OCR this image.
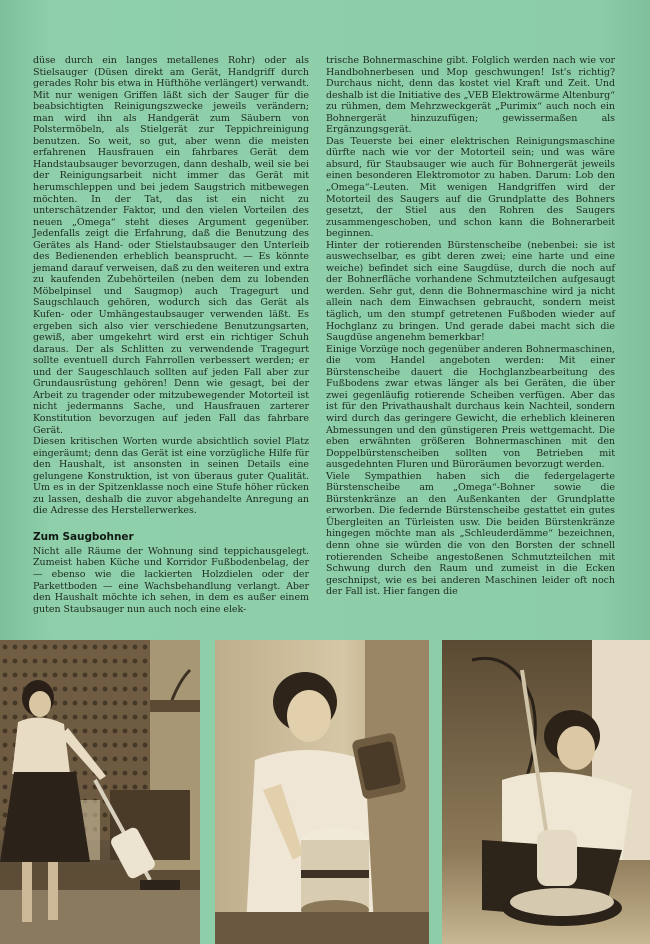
düse durch ein langes metallenes Rohr) oder als Stielsauger (Düsen direkt am Gerät, Handgriff durch gerades Rohr bis etwa in Hüfthöhe verlängert) verwandt. Mit nur wenigen Griffen läßt sich der Sauger für die beabsichtigten Reinigungszwecke jeweils verändern; man wird ihn als Handgerät zum Säubern von Polstermöbeln, als Stielgerät zur Teppichreinigung benutzen. So weit, so gut, aber wenn die meisten erfahrenen Hausfrauen ein fahrbares Gerät dem Handstaubsauger bevorzugen, dann deshalb, weil sie bei der Reinigungsarbeit nicht immer das Gerät mit herumschleppen und bei jedem Saugstrich mitbewegen möchten. In der Tat, das ist ein nicht zu unterschätzender Faktor, und den vielen Vorteilen des neuen „Omega“ steht dieses Argument gegenüber. Jedenfalls zeigt die Erfahrung, daß die Benutzung des Gerätes als Hand- oder Stielstaubsauger den Unterleib des Bedienenden erheblich beansprucht. — Es könnte jemand darauf verweisen, daß zu den weiteren und extra zu kaufenden Zubehörteilen (neben dem zu lobenden Möbelpinsel und Saugmop) auch Tragegurt und Saugschlauch gehören, wodurch sich das Gerät als Kufen- oder Umhängestaubsauger verwenden läßt. Es ergeben sich also vier verschiedene Benutzungsarten, gewiß, aber umgekehrt wird erst ein richtiger Schuh daraus. Der als Schlitten zu verwendende Tragegurt sollte eventuell durch Fahrrollen verbessert werden; er und der Saugeschlauch sollten auf jeden Fall aber zur Grundausrüstung gehören! Denn wie gesagt, bei der Arbeit zu tragender oder mitzubewegender Motorteil ist nicht jedermanns Sache, und Hausfrauen zarterer Konstitution bevorzugen auf jeden Fall das fahrbare Gerät.

Diesen kritischen Worten wurde absichtlich soviel Platz eingeräumt; denn das Gerät ist eine vorzügliche Hilfe für den Haushalt, ist ansonsten in seinen Details eine gelungene Konstruktion, ist von überaus guter Qualität. Um es in der Spitzenklasse noch eine Stufe höher rücken zu lassen, deshalb die zuvor abgehandelte Anregung an die Adresse des Herstellerwerkes.

Zum Saugbohner

Nicht alle Räume der Wohnung sind teppichausgelegt. Zumeist haben Küche und Korridor Fußbodenbelag, der — ebenso wie die lackierten Holzdielen oder der Parkettboden — eine Wachsbehandlung verlangt. Aber den Haushalt möchte ich sehen, in dem es außer einem guten Staubsauger nun auch noch eine elek-

trische Bohnermaschine gibt. Folglich werden nach wie vor Handbohnerbesen und Mop geschwungen! Ist's richtig? Durchaus nicht, denn das kostet viel Kraft und Zeit. Und deshalb ist die Initiative des „VEB Elektrowärme Altenburg“ zu rühmen, dem Mehrzweckgerät „Purimix“ auch noch ein Bohnergerät hinzuzufügen; gewissermaßen als Ergänzungsgerät.

Das Teuerste bei einer elektrischen Reinigungsmaschine dürfte nach wie vor der Motorteil sein; und was wäre absurd, für Staubsauger wie auch für Bohnergerät jeweils einen besonderen Elektromotor zu haben. Darum: Lob den „Omega“-Leuten. Mit wenigen Handgriffen wird der Motorteil des Saugers auf die Grundplatte des Bohners gesetzt, der Stiel aus den Rohren des Saugers zusammengeschoben, und schon kann die Bohnerarbeit beginnen.

Hinter der rotierenden Bürstenscheibe (nebenbei: sie ist auswechselbar, es gibt deren zwei; eine harte und eine weiche) befindet sich eine Saugdüse, durch die noch auf der Bohnerfläche vorhandene Schmutzteilchen aufgesaugt werden. Sehr gut, denn die Bohnermaschine wird ja nicht allein nach dem Einwachsen gebraucht, sondern meist täglich, um den stumpf getretenen Fußboden wieder auf Hochglanz zu bringen. Und gerade dabei macht sich die Saugdüse angenehm bemerkbar!

Einige Vorzüge noch gegenüber anderen Bohnermaschinen, die vom Handel angeboten werden: Mit einer Bürstenscheibe dauert die Hochglanzbearbeitung des Fußbodens zwar etwas länger als bei Geräten, die über zwei gegenläufig rotierende Scheiben verfügen. Aber das ist für den Privathaushalt durchaus kein Nachteil, sondern wird durch das geringere Gewicht, die erheblich kleineren Abmessungen und den günstigeren Preis wettgemacht. Die eben erwähnten größeren Bohnermaschinen mit den Doppelbürstenscheiben sollten von Betrieben mit ausgedehnten Fluren und Büroräumen bevorzugt werden.

Viele Sympathien haben sich die federgelagerte Bürstenscheibe am „Omega“-Bohner sowie die Bürstenkränze an den Außenkanten der Grundplatte erworben. Die federnde Bürstenscheibe gestattet ein gutes Übergleiten an Türleisten usw. Die beiden Bürstenkränze hingegen möchte man als „Schleuderdämme“ bezeichnen, denn ohne sie würden die von den Borsten der schnell rotierenden Scheibe angestoßenen Schmutzteilchen mit Schwung durch den Raum und zumeist in die Ecken geschnipst, wie es bei anderen Maschinen leider oft noch der Fall ist. Hier fangen die
